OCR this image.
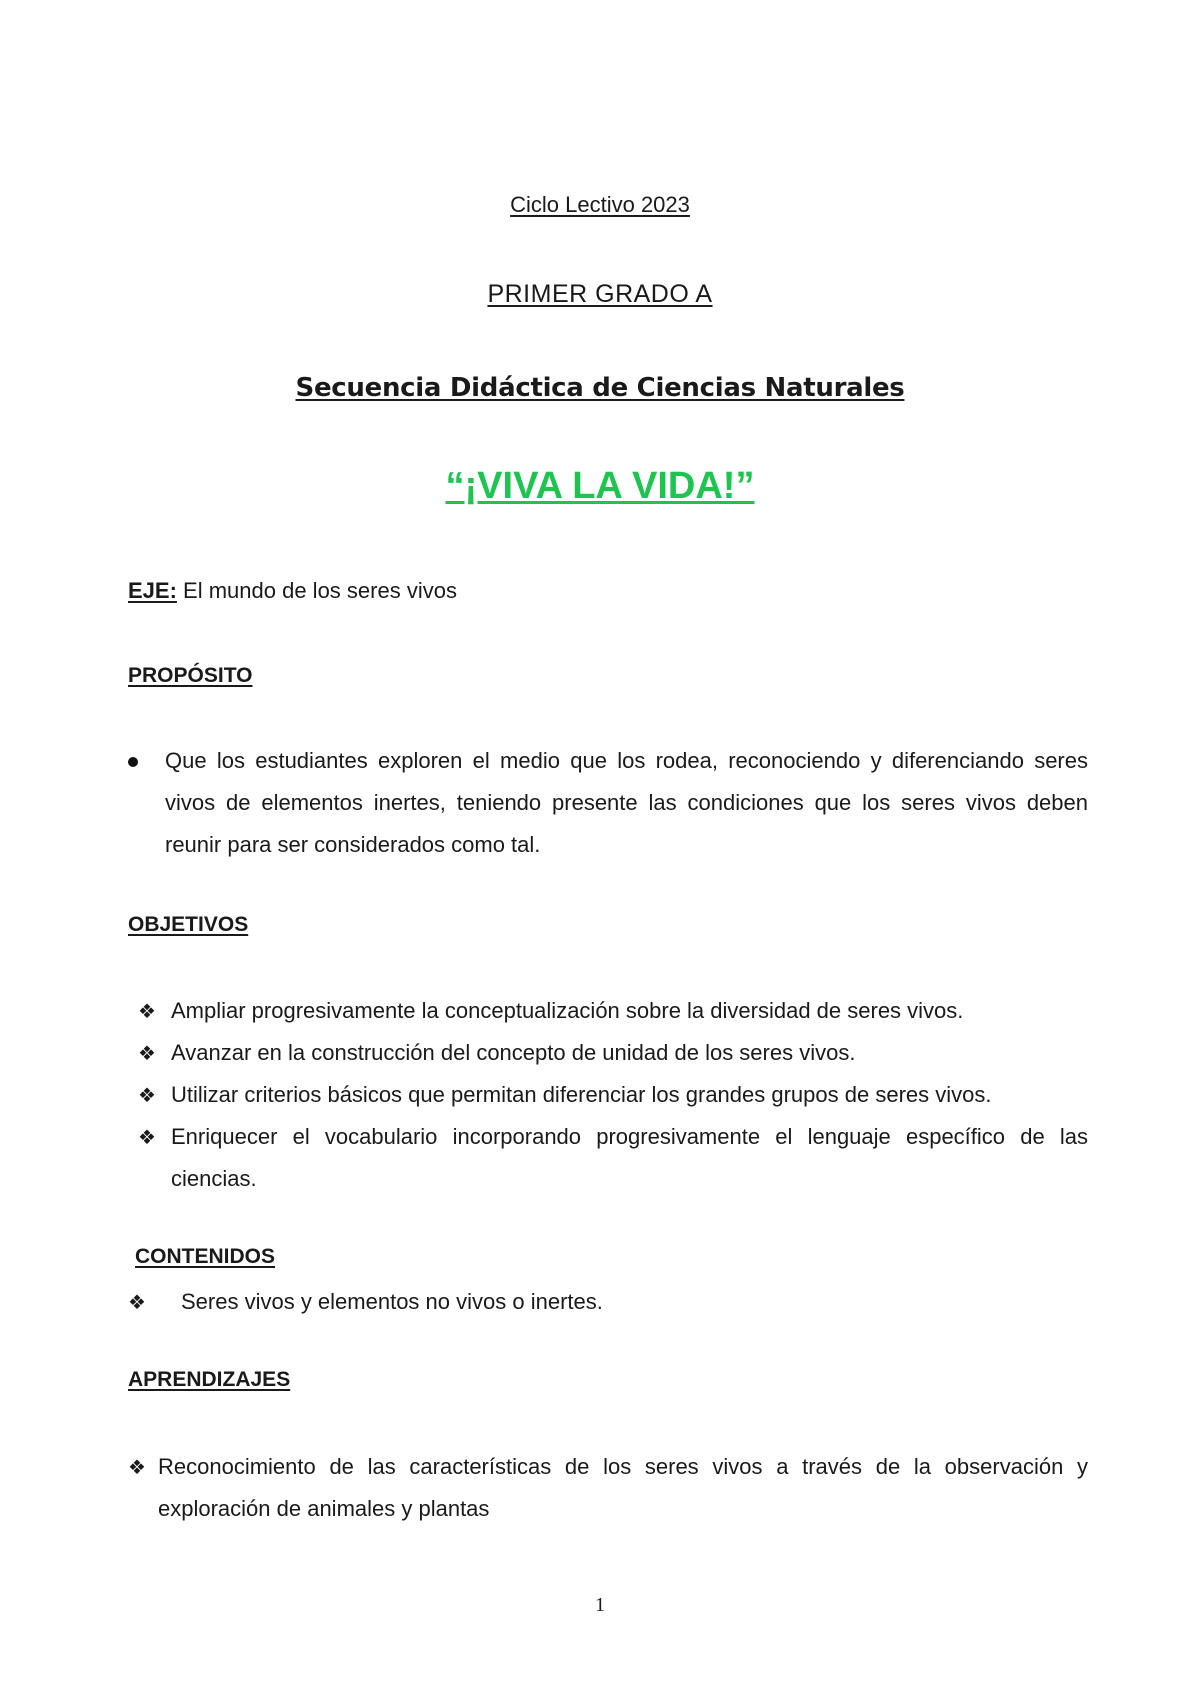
Ciclo Lectivo 2023
PRIMER GRADO A
Secuencia Didáctica de Ciencias Naturales
“¡VIVA LA VIDA!”
EJE: El mundo de los seres vivos
PROPÓSITO
Que los estudiantes exploren el medio que los rodea, reconociendo y diferenciando seres vivos de elementos inertes, teniendo presente las condiciones que los seres vivos deben reunir para ser considerados como tal.
OBJETIVOS
❖ Ampliar progresivamente la conceptualización sobre la diversidad de seres vivos.
❖ Avanzar en la construcción del concepto de unidad de los seres vivos.
❖ Utilizar criterios básicos que permitan diferenciar los grandes grupos de seres vivos.
❖ Enriquecer el vocabulario incorporando progresivamente el lenguaje específico de las ciencias.
CONTENIDOS
❖ Seres vivos y elementos no vivos o inertes.
APRENDIZAJES
❖ Reconocimiento de las características de los seres vivos a través de la observación y exploración de animales y plantas
1
